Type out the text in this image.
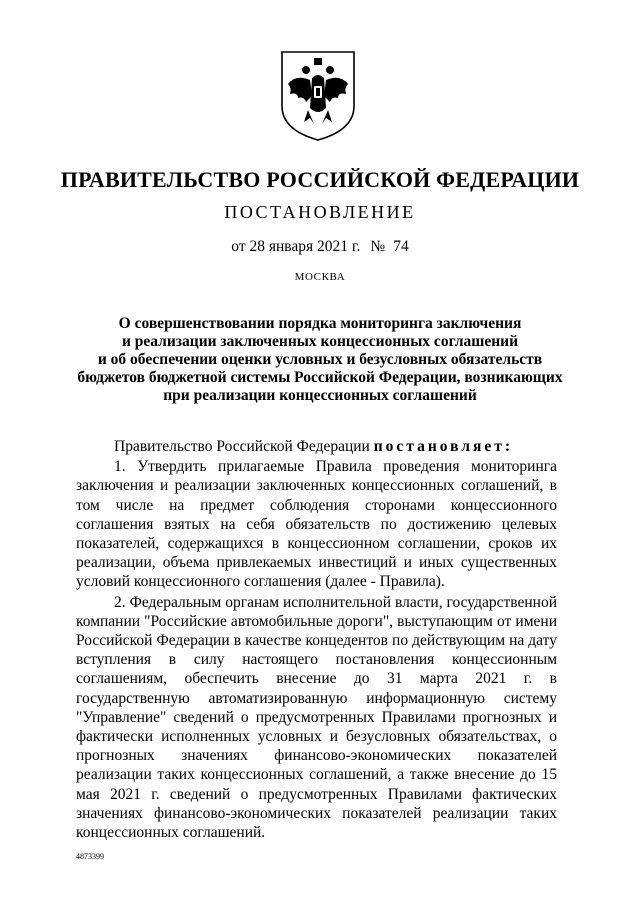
ПРАВИТЕЛЬСТВО РОССИЙСКОЙ ФЕДЕРАЦИИ
ПОСТАНОВЛЕНИЕ
от 28 января 2021 г. № 74
МОСКВА
О совершенствовании порядка мониторинга заключения
и реализации заключенных концессионных соглашений
и об обеспечении оценки условных и безусловных обязательств
бюджетов бюджетной системы Российской Федерации, возникающих
при реализации концессионных соглашений

Правительство Российской Федерации постановляет:

1. Утвердить прилагаемые Правила проведения мониторинга заключения и реализации заключенных концессионных соглашений, в том числе на предмет соблюдения сторонами концессионного соглашения взятых на себя обязательств по достижению целевых показателей, содержащихся в концессионном соглашении, сроков их реализации, объема привлекаемых инвестиций и иных существенных условий концессионного соглашения (далее - Правила).

2. Федеральным органам исполнительной власти, государственной компании "Российские автомобильные дороги", выступающим от имени Российской Федерации в качестве концедентов по действующим на дату вступления в силу настоящего постановления концессионным соглашениям, обеспечить внесение до 31 марта 2021 г. в государственную автоматизированную информационную систему "Управление" сведений о предусмотренных Правилами прогнозных и фактически исполненных условных и безусловных обязательствах, о прогнозных значениях финансово-экономических показателей реализации таких концессионных соглашений, а также внесение до 15 мая 2021 г. сведений о предусмотренных Правилами фактических значениях финансово-экономических показателей реализации таких концессионных соглашений.

4873399
